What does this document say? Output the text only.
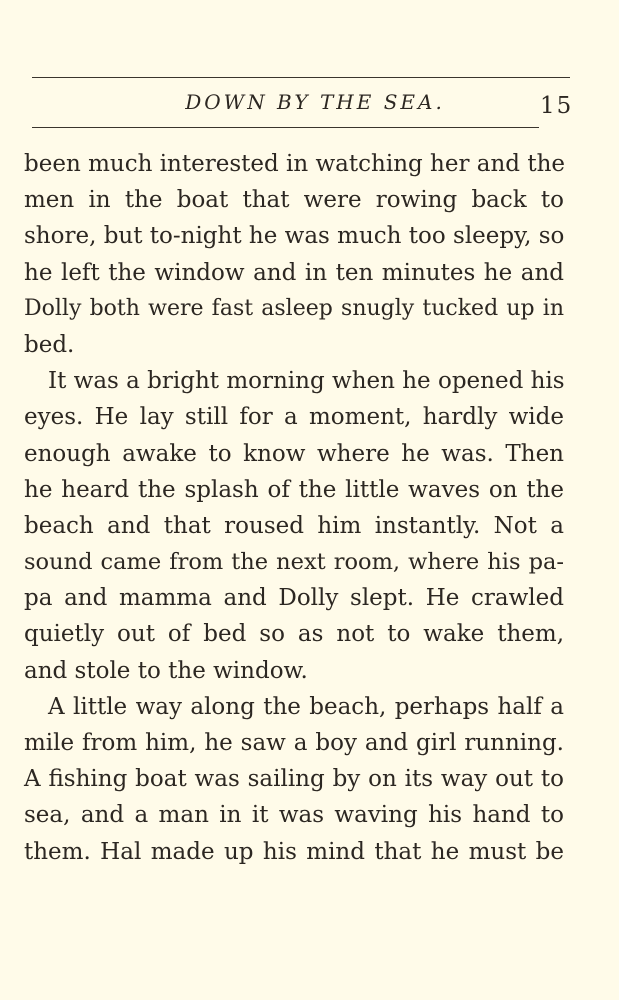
DOWN BY THE SEA.	15
been much interested in watching her and the
men in the boat that were rowing back to
shore, but to-night he was much too sleepy, so
he left the window and in ten minutes he and
Dolly both were fast asleep snugly tucked up in
bed.
It was a bright morning when he opened his
eyes. He lay still for a moment, hardly wide
enough awake to know where he was. Then
he heard the splash of the little waves on the
beach and that roused him instantly. Not a
sound came from the next room, where his pa-
pa and mamma and Dolly slept. He crawled
quietly out of bed so as not to wake them,
and stole to the window.
A little way along the beach, perhaps half a
mile from him, he saw a boy and girl running.
A fishing boat was sailing by on its way out to
sea, and a man in it was waving his hand to
them. Hal made up his mind that he must be
